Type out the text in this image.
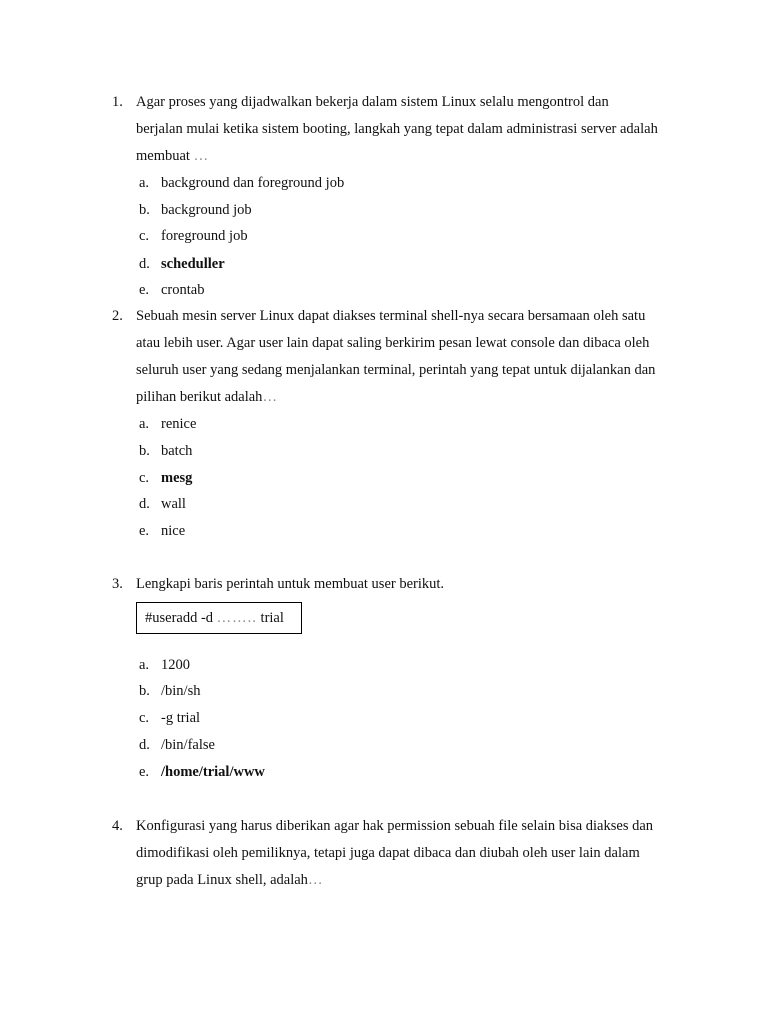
1. Agar proses yang dijadwalkan bekerja dalam sistem Linux selalu mengontrol dan
berjalan mulai ketika sistem booting, langkah yang tepat dalam administrasi server adalah
membuat …
a. background dan foreground job
b. background job
c. foreground job
d. scheduller
e. crontab
2. Sebuah mesin server Linux dapat diakses terminal shell-nya secara bersamaan oleh satu
atau lebih user. Agar user lain dapat saling berkirim pesan lewat console dan dibaca oleh
seluruh user yang sedang menjalankan terminal, perintah yang tepat untuk dijalankan dan
pilihan berikut adalah…
a. renice
b. batch
c. mesg
d. wall
e. nice
3. Lengkapi baris perintah untuk membuat user berikut.
#useradd -d …….. trial
a. 1200
b. /bin/sh
c. -g trial
d. /bin/false
e. /home/trial/www
4. Konfigurasi yang harus diberikan agar hak permission sebuah file selain bisa diakses dan
dimodifikasi oleh pemiliknya, tetapi juga dapat dibaca dan diubah oleh user lain dalam
grup pada Linux shell, adalah…
